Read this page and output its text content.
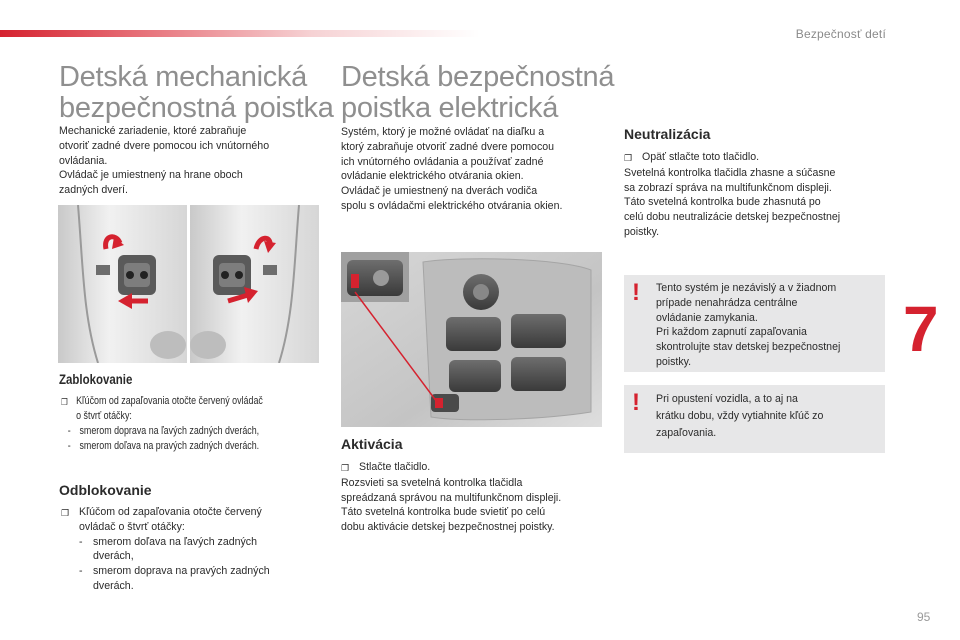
Bezpečnosť detí
Detská mechanická
bezpečnostná poistka

Mechanické zariadenie, ktoré zabraňuje

otvoriť zadné dvere pomocou ich vnútorného

ovládania.

Ovládač je umiestnený na hrane oboch

zadných dverí.

Zablokovanie
❐ Kľúčom od zapaľovania otočte červený ovládač
o štvrť otáčky:
- smerom doprava na ľavých zadných dverách,
- smerom doľava na pravých zadných dverách.
Odblokovanie
❐ Kľúčom od zapaľovania otočte červený
ovládač o štvrť otáčky:
- smerom doľava na ľavých zadných
dverách,
- smerom doprava na pravých zadných
dverách.
Detská bezpečnostná
poistka elektrická

Systém, ktorý je možné ovládať na diaľku a

ktorý zabraňuje otvoriť zadné dvere pomocou

ich vnútorného ovládania a používať zadné

ovládanie elektrického otvárania okien.

Ovládač je umiestnený na dverách vodiča

spolu s ovládačmi elektrického otvárania okien.

Aktivácia
❐ Stlačte tlačidlo.
Rozsvieti sa svetelná kontrolka tlačidla
spreádzaná správou na multifunkčnom displeji.
Táto svetelná kontrolka bude svietiť po celú
dobu aktivácie detskej bezpečnostnej poistky.
Neutralizácia
❐ Opäť stlačte toto tlačidlo.
Svetelná kontrolka tlačidla zhasne a súčasne
sa zobrazí správa na multifunkčnom displeji.
Táto svetelná kontrolka bude zhasnutá po
celú dobu neutralizácie detskej bezpečnostnej
poistky.
! Tento systém je nezávislý a v žiadnom
prípade nenahrádza centrálne
ovládanie zamykania.
Pri každom zapnutí zapaľovania
skontrolujte stav detskej bezpečnostnej
poistky.
! Pri opustení vozidla, a to aj na
krátku dobu, vždy vytiahnite kľúč zo
zapaľovania.
7
95
